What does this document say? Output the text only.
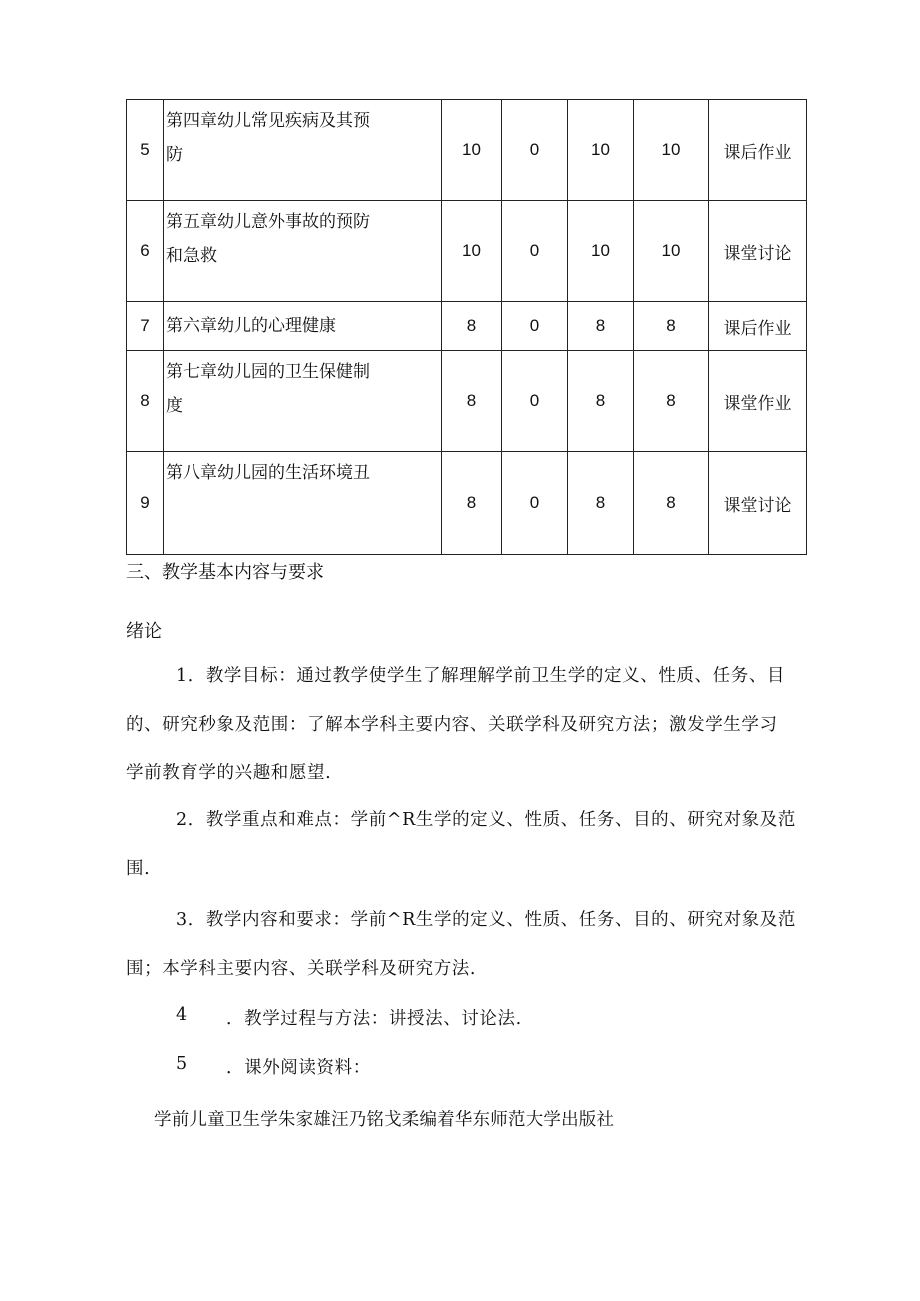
5	第四章幼儿常见疾病及其预
防	10	0	10	10	课后作业
6	第五章幼儿意外事故的预防
和急救	10	0	10	10	课堂讨论
7	第六章幼儿的心理健康	8	0	8	8	课后作业
8	第七章幼儿园的卫生保健制
度	8	0	8	8	课堂作业
9	第八章幼儿园的生活环境丑	8	0	8	8	课堂讨论
三、教学基本内容与要求
绪论
1．教学目标：通过教学使学生了解理解学前卫生学的定义、性质、任务、目
的、研究秒象及范围：了解本学科主要内容、关联学科及研究方法；激发学生学习
学前教育学的兴趣和愿望.
2．教学重点和难点：学前^R生学的定义、性质、任务、目的、研究对象及范
围.
3．教学内容和要求：学前^R生学的定义、性质、任务、目的、研究对象及范
围；本学科主要内容、关联学科及研究方法.
4 ．教学过程与方法：讲授法、讨论法.
5 ．课外阅读资料：
学前儿童卫生学朱家雄汪乃铭戈柔编着华东师范大学出版社
